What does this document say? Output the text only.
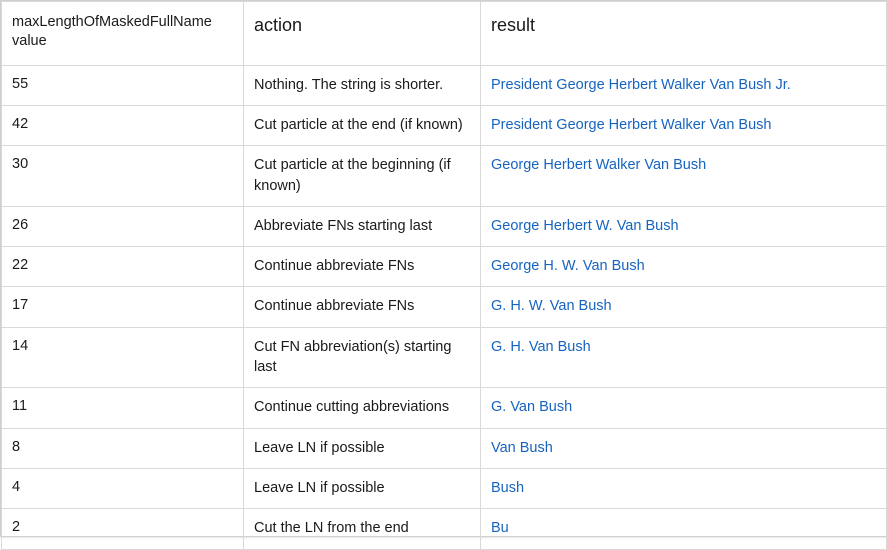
maxLengthOfMaskedFullName value	action	result
55	Nothing. The string is shorter.	President George Herbert Walker Van Bush Jr.
42	Cut particle at the end (if known)	President George Herbert Walker Van Bush
30	Cut particle at the beginning (if known)	George Herbert Walker Van Bush
26	Abbreviate FNs starting last	George Herbert W. Van Bush
22	Continue abbreviate FNs	George H. W. Van Bush
17	Continue abbreviate FNs	G. H. W. Van Bush
14	Cut FN abbreviation(s) starting last	G. H. Van Bush
11	Continue cutting abbreviations	G. Van Bush
8	Leave LN if possible	Van Bush
4	Leave LN if possible	Bush
2	Cut the LN from the end	Bu
